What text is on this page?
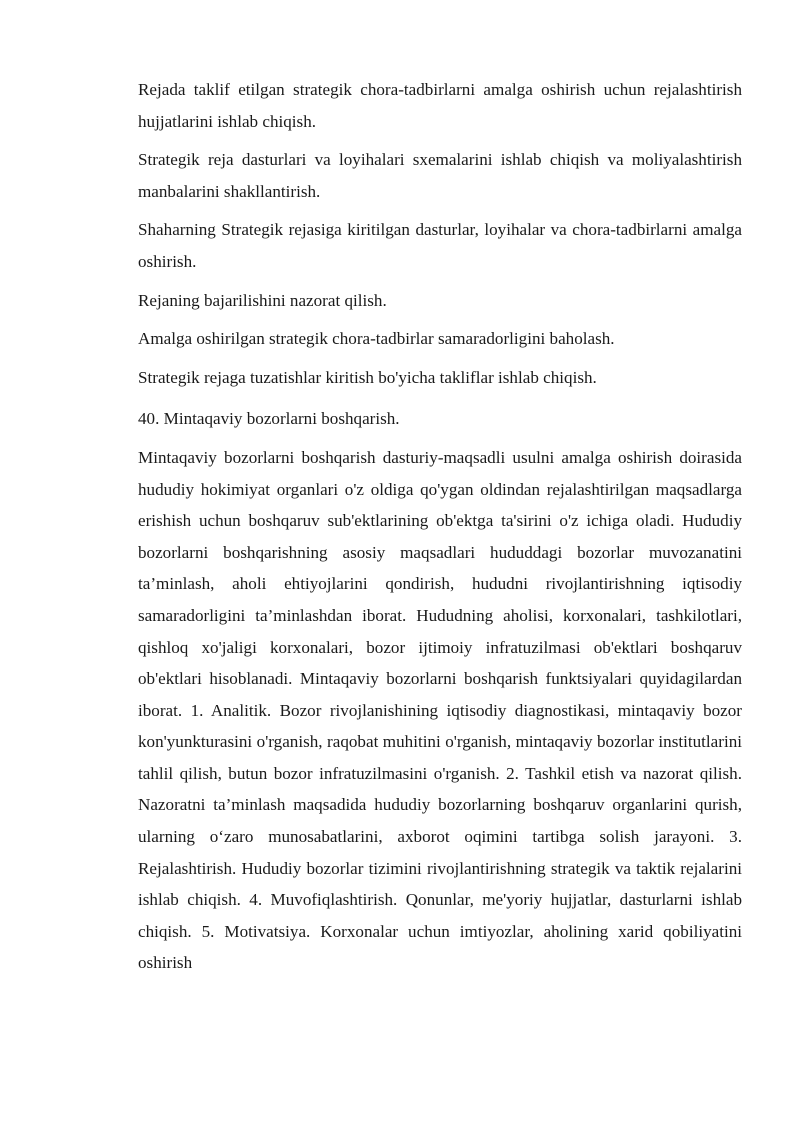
Rejada taklif etilgan strategik chora-tadbirlarni amalga oshirish uchun rejalashtirish hujjatlarini ishlab chiqish.

Strategik reja dasturlari va loyihalari sxemalarini ishlab chiqish va moliyalashtirish manbalarini shakllantirish.

Shaharning Strategik rejasiga kiritilgan dasturlar, loyihalar va chora-tadbirlarni amalga oshirish.

Rejaning bajarilishini nazorat qilish.

Amalga oshirilgan strategik chora-tadbirlar samaradorligini baholash.

Strategik rejaga tuzatishlar kiritish bo'yicha takliflar ishlab chiqish.

40. Mintaqaviy bozorlarni boshqarish.

Mintaqaviy bozorlarni boshqarish dasturiy-maqsadli usulni amalga oshirish doirasida hududiy hokimiyat organlari o'z oldiga qo'ygan oldindan rejalashtirilgan maqsadlarga erishish uchun boshqaruv sub'ektlarining ob'ektga ta'sirini o'z ichiga oladi. Hududiy bozorlarni boshqarishning asosiy maqsadlari hududdagi bozorlar muvozanatini ta’minlash, aholi ehtiyojlarini qondirish, hududni rivojlantirishning iqtisodiy samaradorligini ta’minlashdan iborat. Hududning aholisi, korxonalari, tashkilotlari, qishloq xo'jaligi korxonalari, bozor ijtimoiy infratuzilmasi ob'ektlari boshqaruv ob'ektlari hisoblanadi. Mintaqaviy bozorlarni boshqarish funktsiyalari quyidagilardan iborat. 1. Analitik. Bozor rivojlanishining iqtisodiy diagnostikasi, mintaqaviy bozor kon'yunkturasini o'rganish, raqobat muhitini o'rganish, mintaqaviy bozorlar institutlarini tahlil qilish, butun bozor infratuzilmasini o'rganish. 2. Tashkil etish va nazorat qilish. Nazoratni ta’minlash maqsadida hududiy bozorlarning boshqaruv organlarini qurish, ularning o‘zaro munosabatlarini, axborot oqimini tartibga solish jarayoni. 3. Rejalashtirish. Hududiy bozorlar tizimini rivojlantirishning strategik va taktik rejalarini ishlab chiqish. 4. Muvofiqlashtirish. Qonunlar, me'yoriy hujjatlar, dasturlarni ishlab chiqish. 5. Motivatsiya. Korxonalar uchun imtiyozlar, aholining xarid qobiliyatini oshirish
